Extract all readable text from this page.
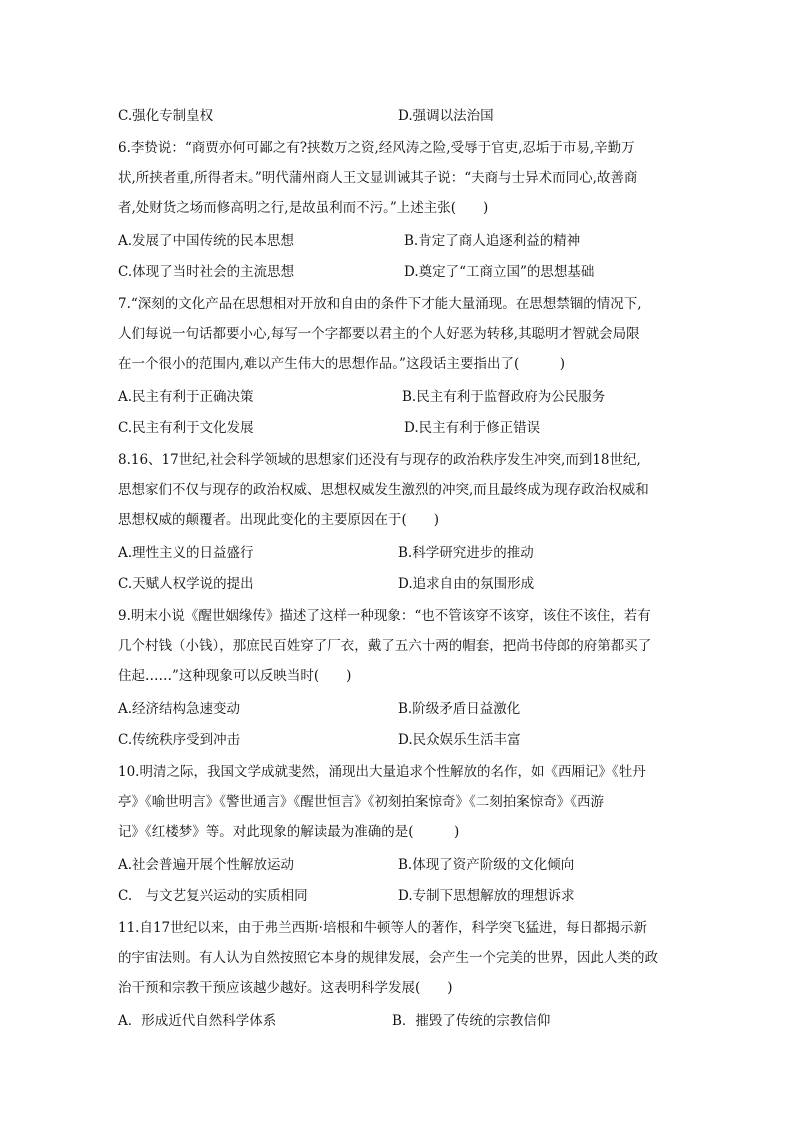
C.强化专制皇权	D.强调以法治国
6.李贽说：“商贾亦何可鄙之有?挟数万之资,经风涛之险,受辱于官吏,忍垢于市易,辛勤万
状,所挟者重,所得者末。”明代蒲州商人王文显训诫其子说：“夫商与士异术而同心,故善商
者,处财货之场而修高明之行,是故虽利而不污。”上述主张(　　)
A.发展了中国传统的民本思想	B.肯定了商人追逐利益的精神
C.体现了当时社会的主流思想	D.奠定了“工商立国”的思想基础
7.“深刻的文化产品在思想相对开放和自由的条件下才能大量涌现。在思想禁锢的情况下,
人们每说一句话都要小心,每写一个字都要以君主的个人好恶为转移,其聪明才智就会局限
在一个很小的范围内,难以产生伟大的思想作品。”这段话主要指出了(　　　)
A.民主有利于正确决策	B.民主有利于监督政府为公民服务
C.民主有利于文化发展	D.民主有利于修正错误
8.16、17世纪,社会科学领域的思想家们还没有与现存的政治秩序发生冲突,而到18世纪,
思想家们不仅与现存的政治权威、思想权威发生激烈的冲突,而且最终成为现存政治权威和
思想权威的颠覆者。出现此变化的主要原因在于(　　)
A.理性主义的日益盛行	B.科学研究进步的推动
C.天赋人权学说的提出	D.追求自由的氛围形成
9.明末小说《醒世姻缘传》描述了这样一种现象：“也不管该穿不该穿，该住不该住，若有
几个村钱（小钱），那庶民百姓穿了厂衣，戴了五六十两的帽套，把尚书侍郎的府第都买了
住起……”这种现象可以反映当时(　　)
A.经济结构急速变动	B.阶级矛盾日益激化
C.传统秩序受到冲击	D.民众娱乐生活丰富
10.明清之际，我国文学成就斐然，涌现出大量追求个性解放的名作，如《西厢记》《牡丹
亭》《喻世明言》《警世通言》《醒世恒言》《初刻拍案惊奇》《二刻拍案惊奇》《西游
记》《红楼梦》等。对此现象的解读最为准确的是(　　　)
A.社会普遍开展个性解放运动	B.体现了资产阶级的文化倾向
C.　与文艺复兴运动的实质相同	D.专制下思想解放的理想诉求
11.自17世纪以来，由于弗兰西斯·培根和牛顿等人的著作，科学突飞猛进，每日都揭示新
的宇宙法则。有人认为自然按照它本身的规律发展，会产生一个完美的世界，因此人类的政
治干预和宗教干预应该越少越好。这表明科学发展(　　)
A．形成近代自然科学体系	B．摧毁了传统的宗教信仰
